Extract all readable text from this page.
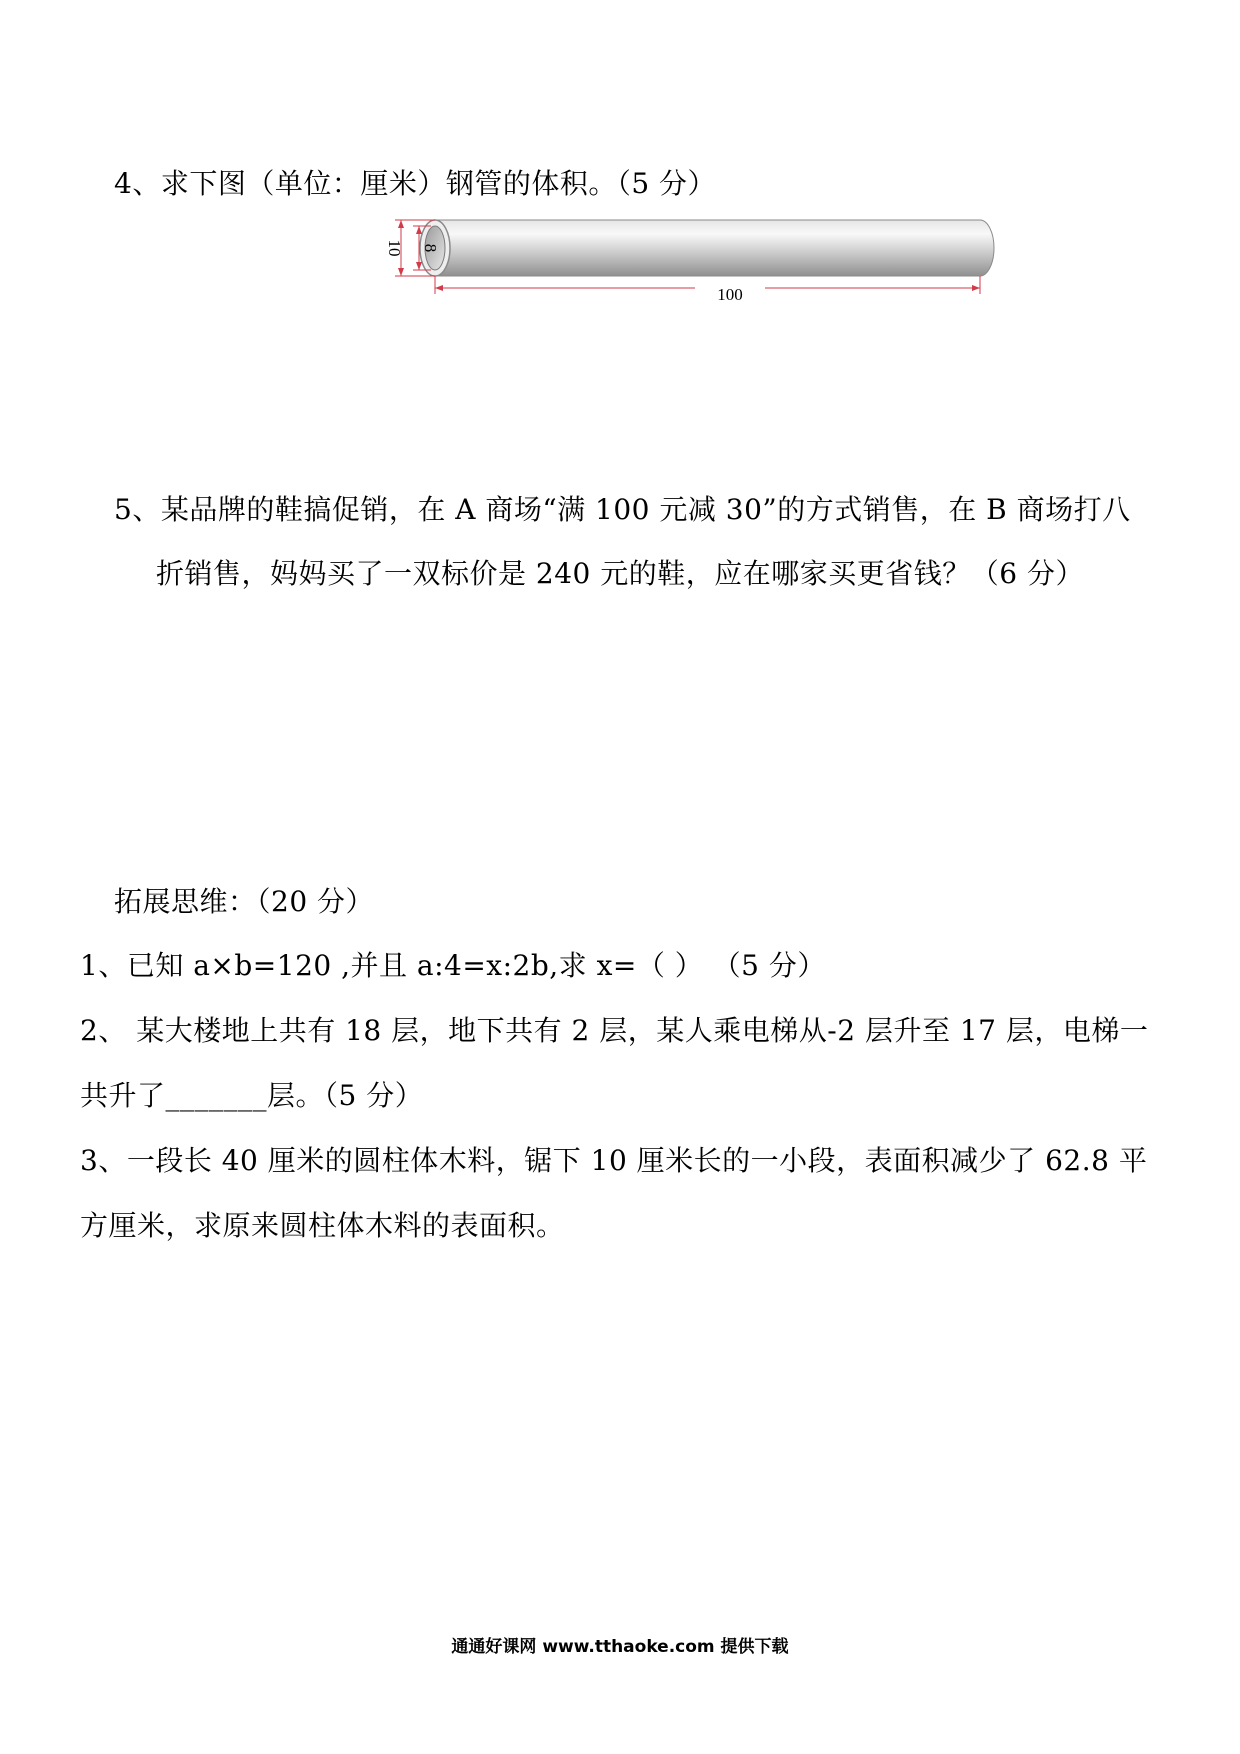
4、求下图（单位：厘米）钢管的体积。（5 分）
10 8
100
5、某品牌的鞋搞促销，在 A 商场“满 100 元减 30”的方式销售，在 B 商场打八
折销售，妈妈买了一双标价是 240 元的鞋，应在哪家买更省钱？（6 分）
拓展思维：（20 分）
1、已知 a×b=120 ,并且 a:4=x:2b,求 x=（ ） （5 分）
2、 某大楼地上共有 18 层，地下共有 2 层，某人乘电梯从-2 层升至 17 层，电梯一
共升了_______层。（5 分）
3、一段长 40 厘米的圆柱体木料，锯下 10 厘米长的一小段，表面积减少了 62.8 平
方厘米，求原来圆柱体木料的表面积。
通通好课网 www.tthaoke.com 提供下载
